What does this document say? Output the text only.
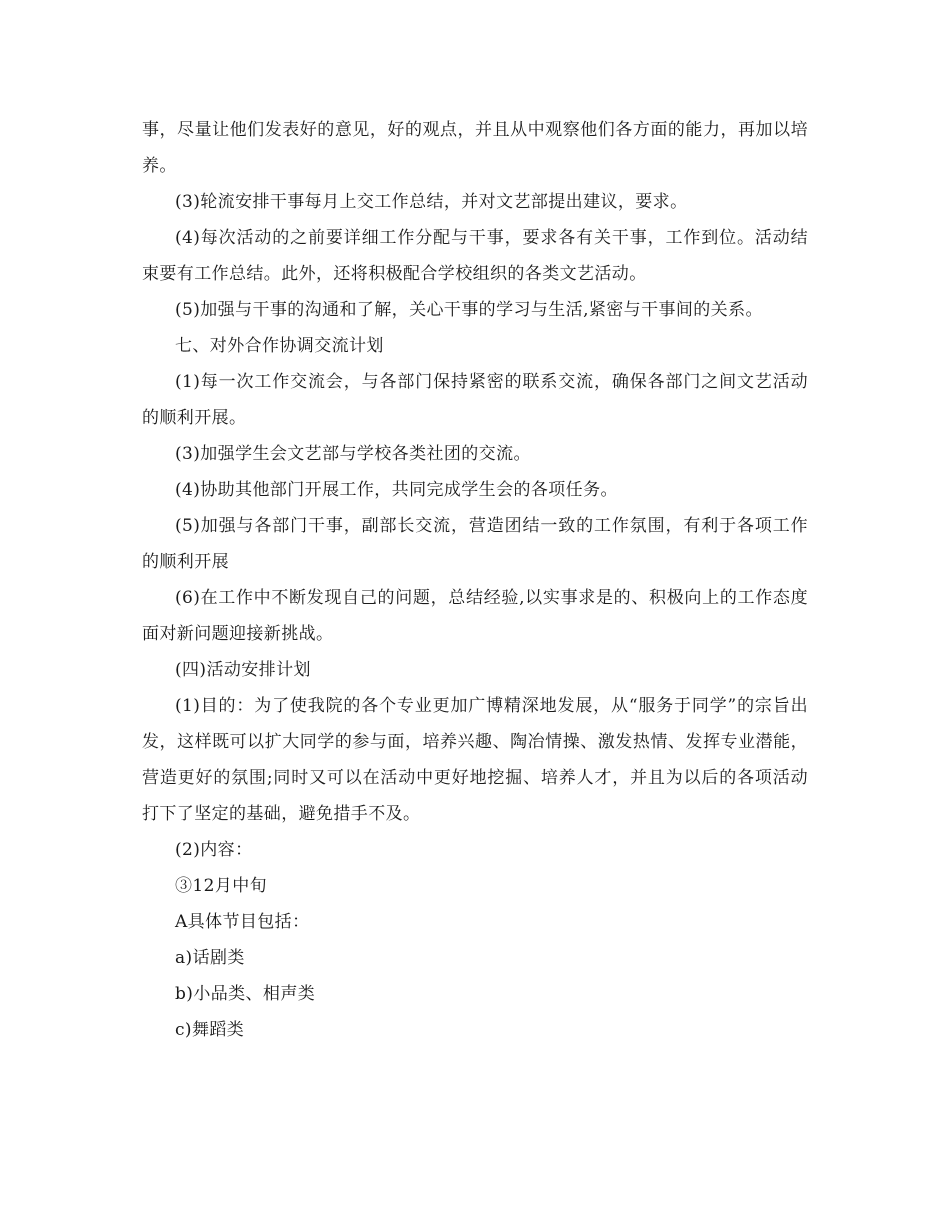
事，尽量让他们发表好的意见，好的观点，并且从中观察他们各方面的能力，再加以培养。

(3)轮流安排干事每月上交工作总结，并对文艺部提出建议，要求。

(4)每次活动的之前要详细工作分配与干事，要求各有关干事，工作到位。活动结束要有工作总结。此外，还将积极配合学校组织的各类文艺活动。

(5)加强与干事的沟通和了解，关心干事的学习与生活,紧密与干事间的关系。

七、对外合作协调交流计划

(1)每一次工作交流会，与各部门保持紧密的联系交流，确保各部门之间文艺活动的顺利开展。

(3)加强学生会文艺部与学校各类社团的交流。

(4)协助其他部门开展工作，共同完成学生会的各项任务。

(5)加强与各部门干事，副部长交流，营造团结一致的工作氛围，有利于各项工作的顺利开展

(6)在工作中不断发现自己的问题，总结经验,以实事求是的、积极向上的工作态度面对新问题迎接新挑战。

(四)活动安排计划

(1)目的：为了使我院的各个专业更加广博精深地发展，从“服务于同学”的宗旨出发，这样既可以扩大同学的参与面，培养兴趣、陶冶情操、激发热情、发挥专业潜能，营造更好的氛围;同时又可以在活动中更好地挖掘、培养人才，并且为以后的各项活动打下了坚定的基础，避免措手不及。

(2)内容：

③12月中旬

A具体节目包括：

a)话剧类

b)小品类、相声类

c)舞蹈类
